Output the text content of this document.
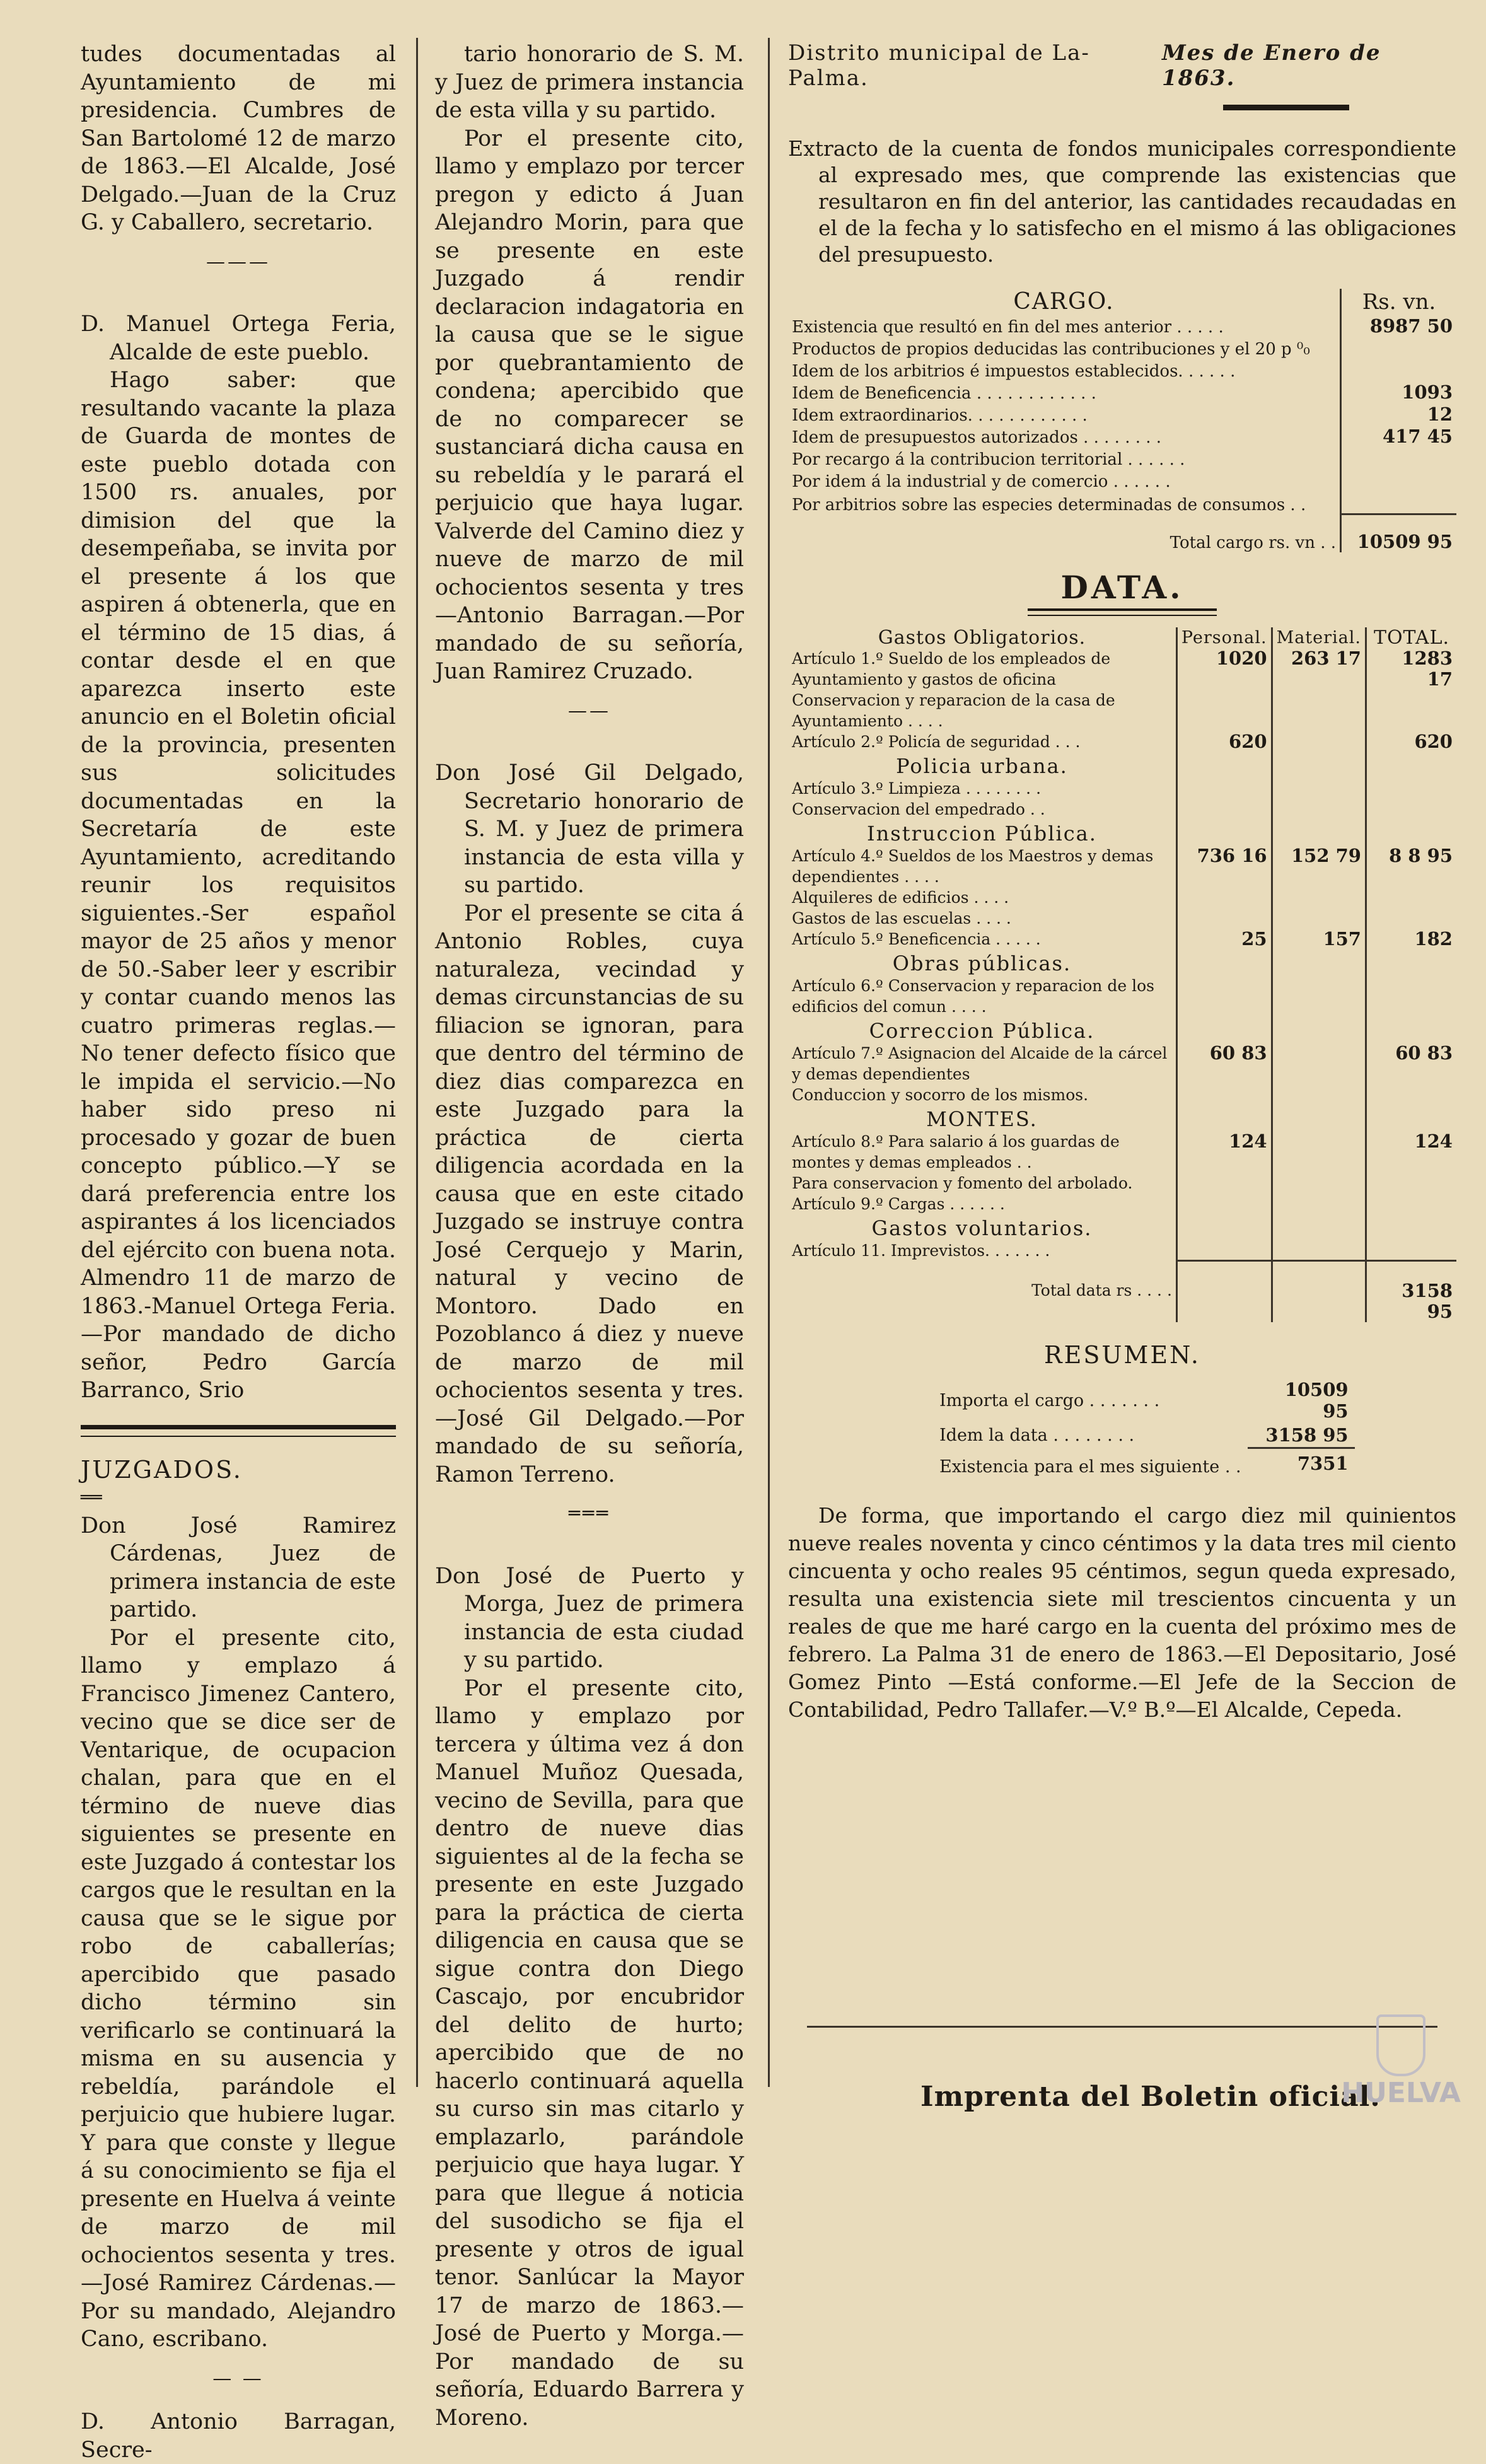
tudes documentadas al Ayuntamiento de mi presidencia. Cumbres de San Bartolomé 12 de marzo de 1863.—El Alcalde, José Delgado.—Juan de la Cruz G. y Caballero, secretario.

———

D. Manuel Ortega Feria, Alcalde de este pueblo.

Hago saber: que resultando vacante la plaza de Guarda de montes de este pueblo dotada con 1500 rs. anuales, por dimision del que la desempeñaba, se invita por el presente á los que aspiren á obtenerla, que en el término de 15 dias, á contar desde el en que aparezca inserto este anuncio en el Boletin oficial de la provincia, presenten sus solicitudes documentadas en la Secretaría de este Ayuntamiento, acreditando reunir los requisitos siguientes.-Ser español mayor de 25 años y menor de 50.-Saber leer y escribir y contar cuando menos las cuatro primeras reglas.—No tener defecto físico que le impida el servicio.—No haber sido preso ni procesado y gozar de buen concepto público.—Y se dará preferencia entre los aspirantes á los licenciados del ejército con buena nota. Almendro 11 de marzo de 1863.-Manuel Ortega Feria.—Por mandado de dicho señor, Pedro García Barranco, Srio

JUZGADOS.

══

Don José Ramirez Cárdenas, Juez de primera instancia de este partido.

Por el presente cito, llamo y emplazo á Francisco Jimenez Cantero, vecino que se dice ser de Ventarique, de ocupacion chalan, para que en el término de nueve dias siguientes se presente en este Juzgado á contestar los cargos que le resultan en la causa que se le sigue por robo de caballerías; apercibido que pasado dicho término sin verificarlo se continuará la misma en su ausencia y rebeldía, parándole el perjuicio que hubiere lugar. Y para que conste y llegue á su conocimiento se fija el presente en Huelva á veinte de marzo de mil ochocientos sesenta y tres.—José Ramirez Cárdenas.—Por su mandado, Alejandro Cano, escribano.

— —

D. Antonio Barragan, Secre-

tario honorario de S. M. y Juez de primera instancia de esta villa y su partido.

Por el presente cito, llamo y emplazo por tercer pregon y edicto á Juan Alejandro Morin, para que se presente en este Juzgado á rendir declaracion indagatoria en la causa que se le sigue por quebrantamiento de condena; apercibido que de no comparecer se sustanciará dicha causa en su rebeldía y le parará el perjuicio que haya lugar. Valverde del Camino diez y nueve de marzo de mil ochocientos sesenta y tres —Antonio Barragan.—Por mandado de su señoría, Juan Ramirez Cruzado.

——

Don José Gil Delgado, Secretario honorario de S. M. y Juez de primera instancia de esta villa y su partido.

Por el presente se cita á Antonio Robles, cuya naturaleza, vecindad y demas circunstancias de su filiacion se ignoran, para que dentro del término de diez dias comparezca en este Juzgado para la práctica de cierta diligencia acordada en la causa que en este citado Juzgado se instruye contra José Cerquejo y Marin, natural y vecino de Montoro. Dado en Pozoblanco á diez y nueve de marzo de mil ochocientos sesenta y tres.—José Gil Delgado.—Por mandado de su señoría, Ramon Terreno.

═══

Don José de Puerto y Morga, Juez de primera instancia de esta ciudad y su partido.

Por el presente cito, llamo y emplazo por tercera y última vez á don Manuel Muñoz Quesada, vecino de Sevilla, para que dentro de nueve dias siguientes al de la fecha se presente en este Juzgado para la práctica de cierta diligencia en causa que se sigue contra don Diego Cascajo, por encubridor del delito de hurto; apercibido que de no hacerlo continuará aquella su curso sin mas citarlo y emplazarlo, parándole perjuicio que haya lugar. Y para que llegue á noticia del susodicho se fija el presente y otros de igual tenor. Sanlúcar la Mayor 17 de marzo de 1863.—José de Puerto y Morga.—Por mandado de su señoría, Eduardo Barrera y Moreno.

Distrito municipal de La-Palma.
Mes de Enero de 1863.

Extracto de la cuenta de fondos municipales correspondiente al expresado mes, que comprende las existencias que resultaron en fin del anterior, las cantidades recaudadas en el de la fecha y lo satisfecho en el mismo á las obligaciones del presupuesto.

CARGO.	Rs. vn.
Existencia que resultó en fin del mes anterior . . . . .	8987 50
Productos de propios deducidas las contribuciones y el 20 p ⁰₀	
Idem de los arbitrios é impuestos establecidos. . . . . .	
Idem de Beneficencia . . . . . . . . . . . .	1093
Idem extraordinarios. . . . . . . . . . . .	12
Idem de presupuestos autorizados . . . . . . . .	417 45
Por recargo á la contribucion territorial . . . . . .	
Por idem á la industrial y de comercio . . . . . .	
Por arbitrios sobre las especies determinadas de consumos . .	
Total cargo rs. vn . .	10509 95
DATA.
Gastos Obligatorios.	Personal.	Material.	TOTAL.
Artículo 1.º Sueldo de los empleados de Ayuntamiento y gastos de oficina	1020	263 17	1283 17
Conservacion y reparacion de la casa de Ayuntamiento . . . .			
Artículo 2.º Policía de seguridad . . .	620		620
Policia urbana.			
Artículo 3.º Limpieza . . . . . . . .			
Conservacion del empedrado . .			
Instruccion Pública.			
Artículo 4.º Sueldos de los Maestros y demas dependientes . . . .	736 16	152 79	8 8 95
Alquileres de edificios . . . .			
Gastos de las escuelas . . . .			
Artículo 5.º Beneficencia . . . . .	25	157	182
Obras públicas.			
Artículo 6.º Conservacion y reparacion de los edificios del comun . . . .			
Correccion Pública.			
Artículo 7.º Asignacion del Alcaide de la cárcel y demas dependientes	60 83		60 83
Conduccion y socorro de los mismos.			
MONTES.			
Artículo 8.º Para salario á los guardas de montes y demas empleados . .	124		124
Para conservacion y fomento del arbolado.			
Artículo 9.º Cargas . . . . . .			
Gastos voluntarios.			
Artículo 11. Imprevistos. . . . . . .			
Total data rs . . . .			3158 95
RESUMEN.
Importa el cargo . . . . . . .	10509 95
Idem la data . . . . . . . .	3158 95
Existencia para el mes siguiente . .	7351

De forma, que importando el cargo diez mil quinientos nueve reales noventa y cinco céntimos y la data tres mil ciento cincuenta y ocho reales 95 céntimos, segun queda expresado, resulta una existencia siete mil trescientos cincuenta y un reales de que me haré cargo en la cuenta del próximo mes de febrero. La Palma 31 de enero de 1863.—El Depositario, José Gomez Pinto —Está conforme.—El Jefe de la Seccion de Contabilidad, Pedro Tallafer.—V.º B.º—El Alcalde, Cepeda.

Imprenta del Boletin oficial.
HUELVA
